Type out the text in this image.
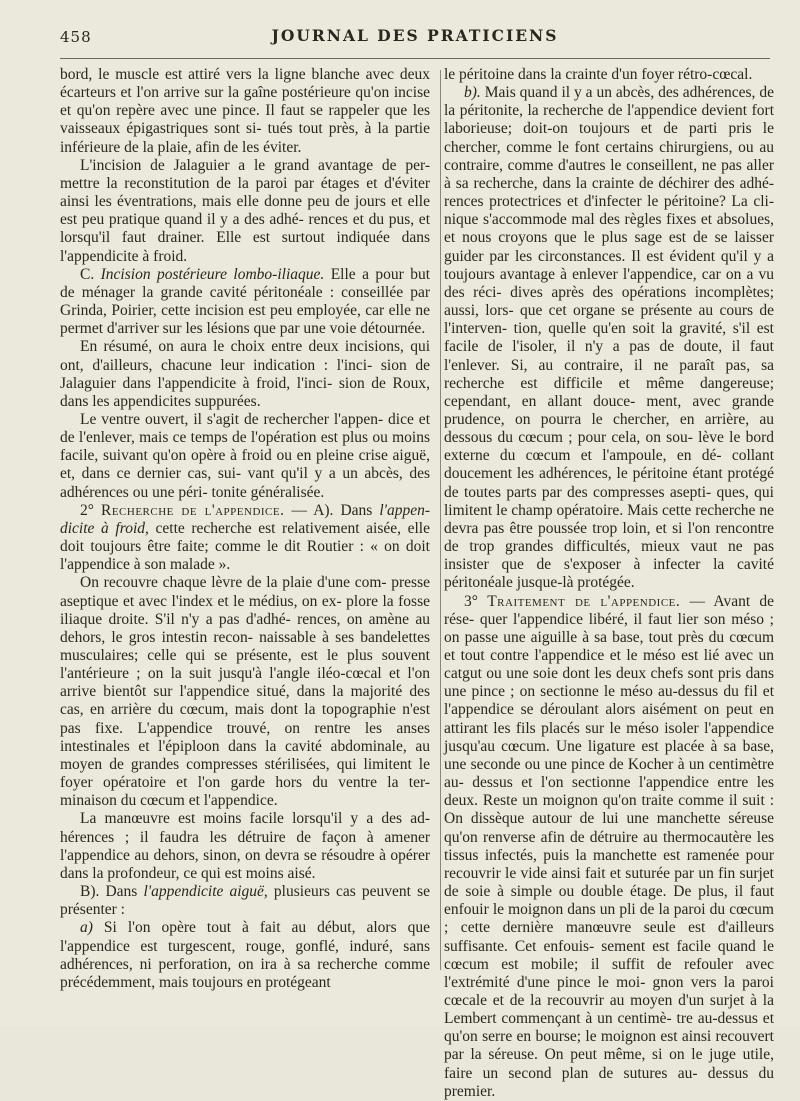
458	JOURNAL DES PRATICIENS

bord, le muscle est attiré vers la ligne blanche avec deux écarteurs et l'on arrive sur la gaîne postérieure qu'on incise et qu'on repère avec une pince. Il faut se rappeler que les vaisseaux épigastriques sont si- tués tout près, à la partie inférieure de la plaie, afin de les éviter.

L'incision de Jalaguier a le grand avantage de per- mettre la reconstitution de la paroi par étages et d'éviter ainsi les éventrations, mais elle donne peu de jours et elle est peu pratique quand il y a des adhé- rences et du pus, et lorsqu'il faut drainer. Elle est surtout indiquée dans l'appendicite à froid.

C. Incision postérieure lombo-iliaque. Elle a pour but de ménager la grande cavité péritonéale : conseillée par Grinda, Poirier, cette incision est peu employée, car elle ne permet d'arriver sur les lésions que par une voie détournée.

En résumé, on aura le choix entre deux incisions, qui ont, d'ailleurs, chacune leur indication : l'inci- sion de Jalaguier dans l'appendicite à froid, l'inci- sion de Roux, dans les appendicites suppurées.

Le ventre ouvert, il s'agit de rechercher l'appen- dice et de l'enlever, mais ce temps de l'opération est plus ou moins facile, suivant qu'on opère à froid ou en pleine crise aiguë, et, dans ce dernier cas, sui- vant qu'il y a un abcès, des adhérences ou une péri- tonite généralisée.

2° Recherche de l'appendice. — A). Dans l'appen- dicite à froid, cette recherche est relativement aisée, elle doit toujours être faite; comme le dit Routier : « on doit l'appendice à son malade ».

On recouvre chaque lèvre de la plaie d'une com- presse aseptique et avec l'index et le médius, on ex- plore la fosse iliaque droite. S'il n'y a pas d'adhé- rences, on amène au dehors, le gros intestin recon- naissable à ses bandelettes musculaires; celle qui se présente, est le plus souvent l'antérieure ; on la suit jusqu'à l'angle iléo-cœcal et l'on arrive bientôt sur l'appendice situé, dans la majorité des cas, en arrière du cœcum, mais dont la topographie n'est pas fixe. L'appendice trouvé, on rentre les anses intestinales et l'épiploon dans la cavité abdominale, au moyen de grandes compresses stérilisées, qui limitent le foyer opératoire et l'on garde hors du ventre la ter- minaison du cœcum et l'appendice.

La manœuvre est moins facile lorsqu'il y a des ad- hérences ; il faudra les détruire de façon à amener l'appendice au dehors, sinon, on devra se résoudre à opérer dans la profondeur, ce qui est moins aisé.

B). Dans l'appendicite aiguë, plusieurs cas peuvent se présenter :

a) Si l'on opère tout à fait au début, alors que l'appendice est turgescent, rouge, gonflé, induré, sans adhérences, ni perforation, on ira à sa recherche comme précédemment, mais toujours en protégeant

le péritoine dans la crainte d'un foyer rétro-cœcal.

b). Mais quand il y a un abcès, des adhérences, de la péritonite, la recherche de l'appendice devient fort laborieuse; doit-on toujours et de parti pris le chercher, comme le font certains chirurgiens, ou au contraire, comme d'autres le conseillent, ne pas aller à sa recherche, dans la crainte de déchirer des adhé- rences protectrices et d'infecter le péritoine? La cli- nique s'accommode mal des règles fixes et absolues, et nous croyons que le plus sage est de se laisser guider par les circonstances. Il est évident qu'il y a toujours avantage à enlever l'appendice, car on a vu des réci- dives après des opérations incomplètes; aussi, lors- que cet organe se présente au cours de l'interven- tion, quelle qu'en soit la gravité, s'il est facile de l'isoler, il n'y a pas de doute, il faut l'enlever. Si, au contraire, il ne paraît pas, sa recherche est difficile et même dangereuse; cependant, en allant douce- ment, avec grande prudence, on pourra le chercher, en arrière, au dessous du cœcum ; pour cela, on sou- lève le bord externe du cœcum et l'ampoule, en dé- collant doucement les adhérences, le péritoine étant protégé de toutes parts par des compresses asepti- ques, qui limitent le champ opératoire. Mais cette recherche ne devra pas être poussée trop loin, et si l'on rencontre de trop grandes difficultés, mieux vaut ne pas insister que de s'exposer à infecter la cavité péritonéale jusque-là protégée.

3° Traitement de l'appendice. — Avant de rése- quer l'appendice libéré, il faut lier son méso ; on passe une aiguille à sa base, tout près du cœcum et tout contre l'appendice et le méso est lié avec un catgut ou une soie dont les deux chefs sont pris dans une pince ; on sectionne le méso au-dessus du fil et l'appendice se déroulant alors aisément on peut en attirant les fils placés sur le méso isoler l'appendice jusqu'au cœcum. Une ligature est placée à sa base, une seconde ou une pince de Kocher à un centimètre au- dessus et l'on sectionne l'appendice entre les deux. Reste un moignon qu'on traite comme il suit : On dissèque autour de lui une manchette séreuse qu'on renverse afin de détruire au thermocautère les tissus infectés, puis la manchette est ramenée pour recouvrir le vide ainsi fait et suturée par un fin surjet de soie à simple ou double étage. De plus, il faut enfouir le moignon dans un pli de la paroi du cœcum ; cette dernière manœuvre seule est d'ailleurs suffisante. Cet enfouis- sement est facile quand le cœcum est mobile; il suffit de refouler avec l'extrémité d'une pince le moi- gnon vers la paroi cœcale et de la recouvrir au moyen d'un surjet à la Lembert commençant à un centimè- tre au-dessus et qu'on serre en bourse; le moignon est ainsi recouvert par la séreuse. On peut même, si on le juge utile, faire un second plan de sutures au- dessus du premier.
